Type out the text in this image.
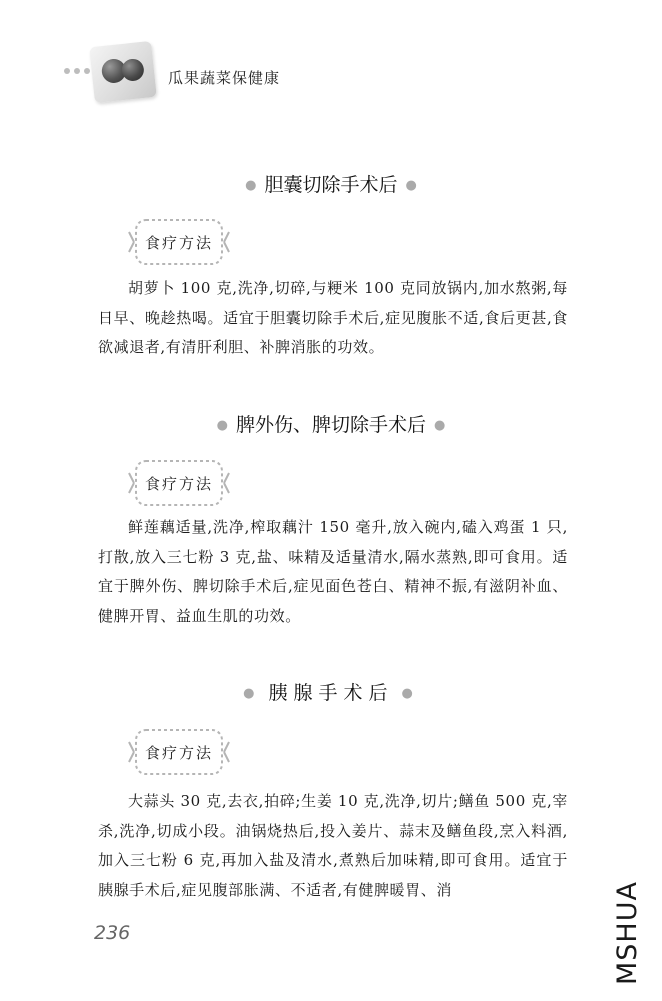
瓜果蔬菜保健康
● 胆囊切除手术后 ●
食疗方法

胡萝卜 100 克,洗净,切碎,与粳米 100 克同放锅内,加水熬粥,每日早、晚趁热喝。适宜于胆囊切除手术后,症见腹胀不适,食后更甚,食欲减退者,有清肝利胆、补脾消胀的功效。

● 脾外伤、脾切除手术后 ●
食疗方法

鲜莲藕适量,洗净,榨取藕汁 150 毫升,放入碗内,磕入鸡蛋 1 只,打散,放入三七粉 3 克,盐、味精及适量清水,隔水蒸熟,即可食用。适宜于脾外伤、脾切除手术后,症见面色苍白、精神不振,有滋阴补血、健脾开胃、益血生肌的功效。

● 胰腺手术后 ●
食疗方法

大蒜头 30 克,去衣,拍碎;生姜 10 克,洗净,切片;鳝鱼 500 克,宰杀,洗净,切成小段。油锅烧热后,投入姜片、蒜末及鳝鱼段,烹入料酒,加入三七粉 6 克,再加入盐及清水,煮熟后加味精,即可食用。适宜于胰腺手术后,症见腹部胀满、不适者,有健脾暖胃、消

236	MSHUA
